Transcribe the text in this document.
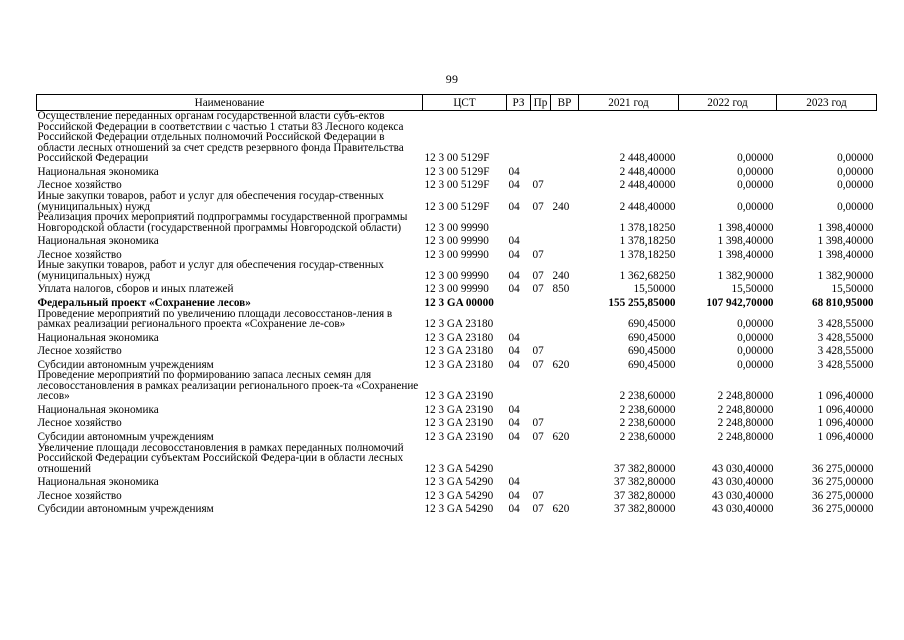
99
Наименование	ЦСТ	РЗ	Пр	ВР	2021 год	2022 год	2023 год
Осуществление переданных органам государственной власти субъ-ектов Российской Федерации в соответствии с частью 1 статьи 83 Лесного кодекса Российской Федерации отдельных полномочий Российской Федерации в области лесных отношений за счет средств резервного фонда Правительства Российской Федерации	12 3 00 5129F				2 448,40000	0,00000	0,00000
Национальная экономика	12 3 00 5129F	04			2 448,40000	0,00000	0,00000
Лесное хозяйство	12 3 00 5129F	04	07		2 448,40000	0,00000	0,00000
Иные закупки товаров, работ и услуг для обеспечения государ-ственных (муниципальных) нужд	12 3 00 5129F	04	07	240	2 448,40000	0,00000	0,00000
Реализация прочих мероприятий подпрограммы государственной программы Новгородской области (государственной программы Новгородской области)	12 3 00 99990				1 378,18250	1 398,40000	1 398,40000
Национальная экономика	12 3 00 99990	04			1 378,18250	1 398,40000	1 398,40000
Лесное хозяйство	12 3 00 99990	04	07		1 378,18250	1 398,40000	1 398,40000
Иные закупки товаров, работ и услуг для обеспечения государ-ственных (муниципальных) нужд	12 3 00 99990	04	07	240	1 362,68250	1 382,90000	1 382,90000
Уплата налогов, сборов и иных платежей	12 3 00 99990	04	07	850	15,50000	15,50000	15,50000
Федеральный проект «Сохранение лесов»	12 3 GA 00000				155 255,85000	107 942,70000	68 810,95000
Проведение мероприятий по увеличению площади лесовосстанов-ления в рамках реализации регионального проекта «Сохранение ле-сов»	12 3 GA 23180				690,45000	0,00000	3 428,55000
Национальная экономика	12 3 GA 23180	04			690,45000	0,00000	3 428,55000
Лесное хозяйство	12 3 GA 23180	04	07		690,45000	0,00000	3 428,55000
Субсидии автономным учреждениям	12 3 GA 23180	04	07	620	690,45000	0,00000	3 428,55000
Проведение мероприятий по формированию запаса лесных семян для лесовосстановления в рамках реализации регионального проек-та «Сохранение лесов»	12 3 GA 23190				2 238,60000	2 248,80000	1 096,40000
Национальная экономика	12 3 GA 23190	04			2 238,60000	2 248,80000	1 096,40000
Лесное хозяйство	12 3 GA 23190	04	07		2 238,60000	2 248,80000	1 096,40000
Субсидии автономным учреждениям	12 3 GA 23190	04	07	620	2 238,60000	2 248,80000	1 096,40000
Увеличение площади лесовосстановления в рамках переданных полномочий Российской Федерации субъектам Российской Федера-ции в области лесных отношений	12 3 GA 54290				37 382,80000	43 030,40000	36 275,00000
Национальная экономика	12 3 GA 54290	04			37 382,80000	43 030,40000	36 275,00000
Лесное хозяйство	12 3 GA 54290	04	07		37 382,80000	43 030,40000	36 275,00000
Субсидии автономным учреждениям	12 3 GA 54290	04	07	620	37 382,80000	43 030,40000	36 275,00000
